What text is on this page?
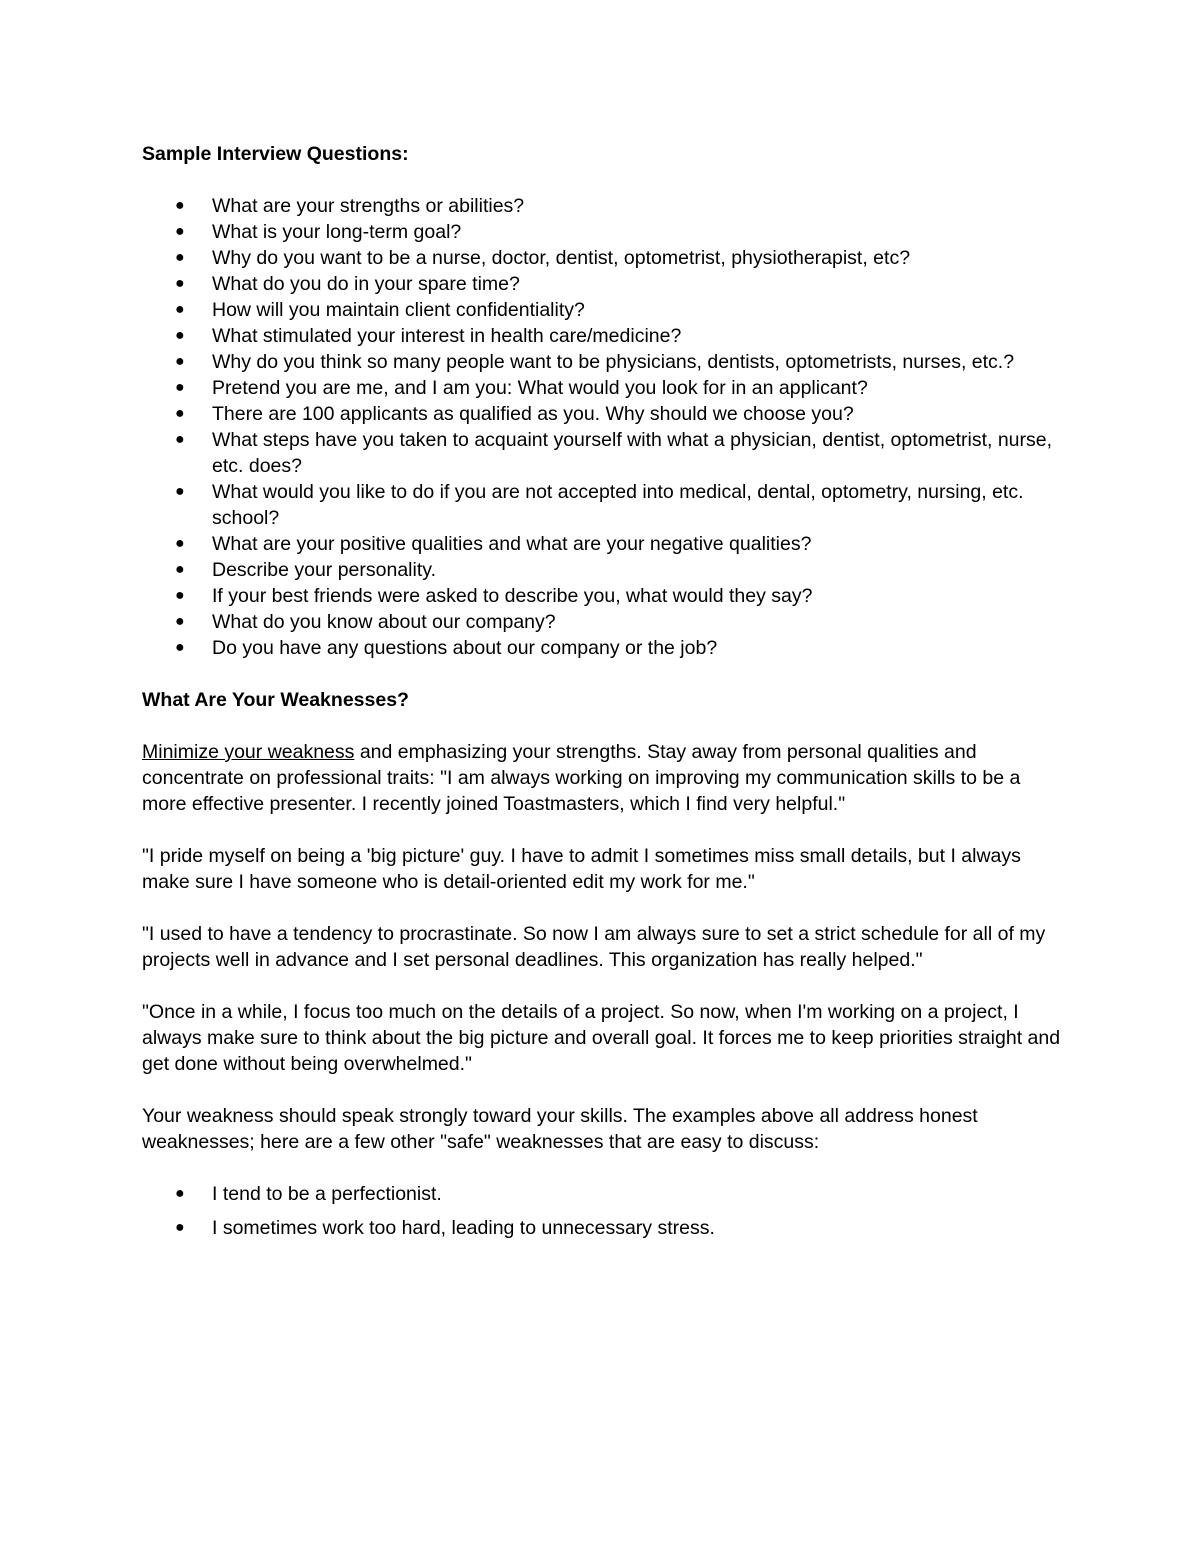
Sample Interview Questions:

● What are your strengths or abilities?
● What is your long-term goal?
● Why do you want to be a nurse, doctor, dentist, optometrist, physiotherapist, etc?
● What do you do in your spare time?
● How will you maintain client confidentiality?
● What stimulated your interest in health care/medicine?
● Why do you think so many people want to be physicians, dentists, optometrists, nurses, etc.?
● Pretend you are me, and I am you: What would you look for in an applicant?
● There are 100 applicants as qualified as you. Why should we choose you?
● What steps have you taken to acquaint yourself with what a physician, dentist, optometrist, nurse, etc. does?
● What would you like to do if you are not accepted into medical, dental, optometry, nursing, etc. school?
● What are your positive qualities and what are your negative qualities?
● Describe your personality.
● If your best friends were asked to describe you, what would they say?
● What do you know about our company?
● Do you have any questions about our company or the job?

What Are Your Weaknesses?

Minimize your weakness and emphasizing your strengths. Stay away from personal qualities and concentrate on professional traits: "I am always working on improving my communication skills to be a more effective presenter. I recently joined Toastmasters, which I find very helpful."

"I pride myself on being a 'big picture' guy. I have to admit I sometimes miss small details, but I always make sure I have someone who is detail-oriented edit my work for me."

"I used to have a tendency to procrastinate. So now I am always sure to set a strict schedule for all of my projects well in advance and I set personal deadlines. This organization has really helped."

"Once in a while, I focus too much on the details of a project. So now, when I'm working on a project, I always make sure to think about the big picture and overall goal. It forces me to keep priorities straight and get done without being overwhelmed."

Your weakness should speak strongly toward your skills. The examples above all address honest weaknesses; here are a few other "safe" weaknesses that are easy to discuss:

● I tend to be a perfectionist.
● I sometimes work too hard, leading to unnecessary stress.
